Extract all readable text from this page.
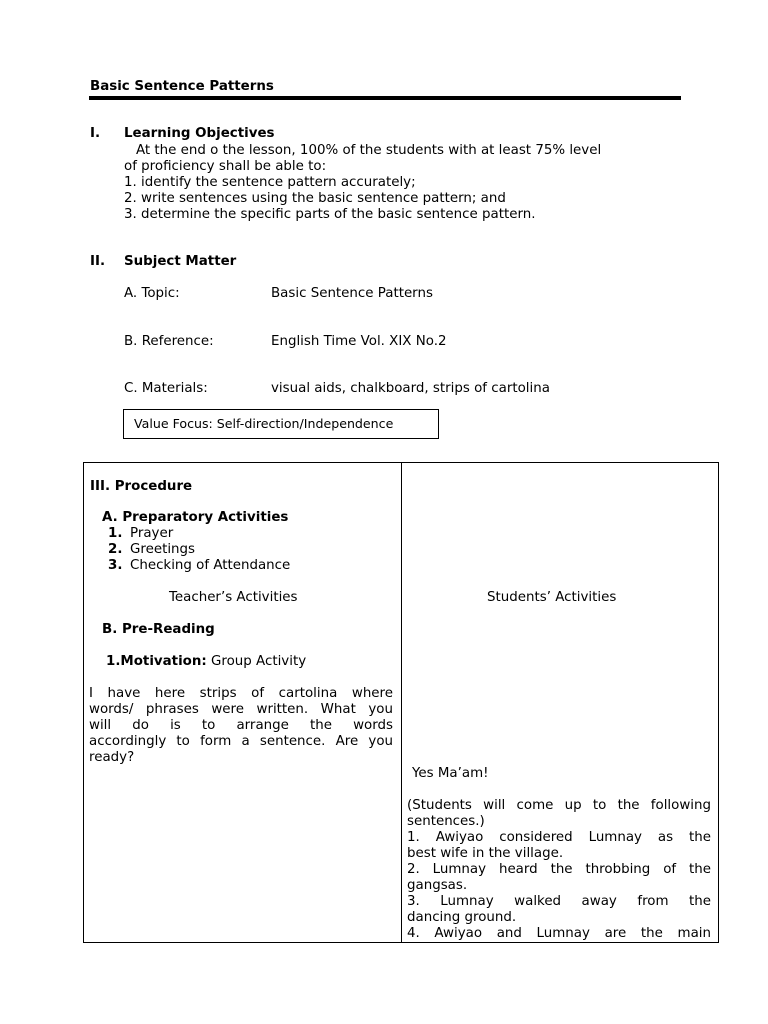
Basic Sentence Patterns
I. Learning Objectives
At the end o the lesson, 100% of the students with at least 75% level
of proficiency shall be able to:
1. identify the sentence pattern accurately;
2. write sentences using the basic sentence pattern; and
3. determine the specific parts of the basic sentence pattern.
II. Subject Matter
A. Topic:	Basic Sentence Patterns
B. Reference:	English Time Vol. XIX No.2
C. Materials:	visual aids, chalkboard, strips of cartolina
Value Focus: Self-direction/Independence
III. Procedure
A. Preparatory Activities
1. Prayer
2. Greetings
3. Checking of Attendance
Teacher’s Activities	Students’ Activities
B. Pre-Reading
1.Motivation: Group Activity
I have here strips of cartolina where
words/ phrases were written. What you
will do is to arrange the words
accordingly to form a sentence. Are you
ready?
Yes Ma’am!
(Students will come up to the following
sentences.)
1. Awiyao considered Lumnay as the
best wife in the village.
2. Lumnay heard the throbbing of the
gangsas.
3. Lumnay walked away from the
dancing ground.
4. Awiyao and Lumnay are the main
